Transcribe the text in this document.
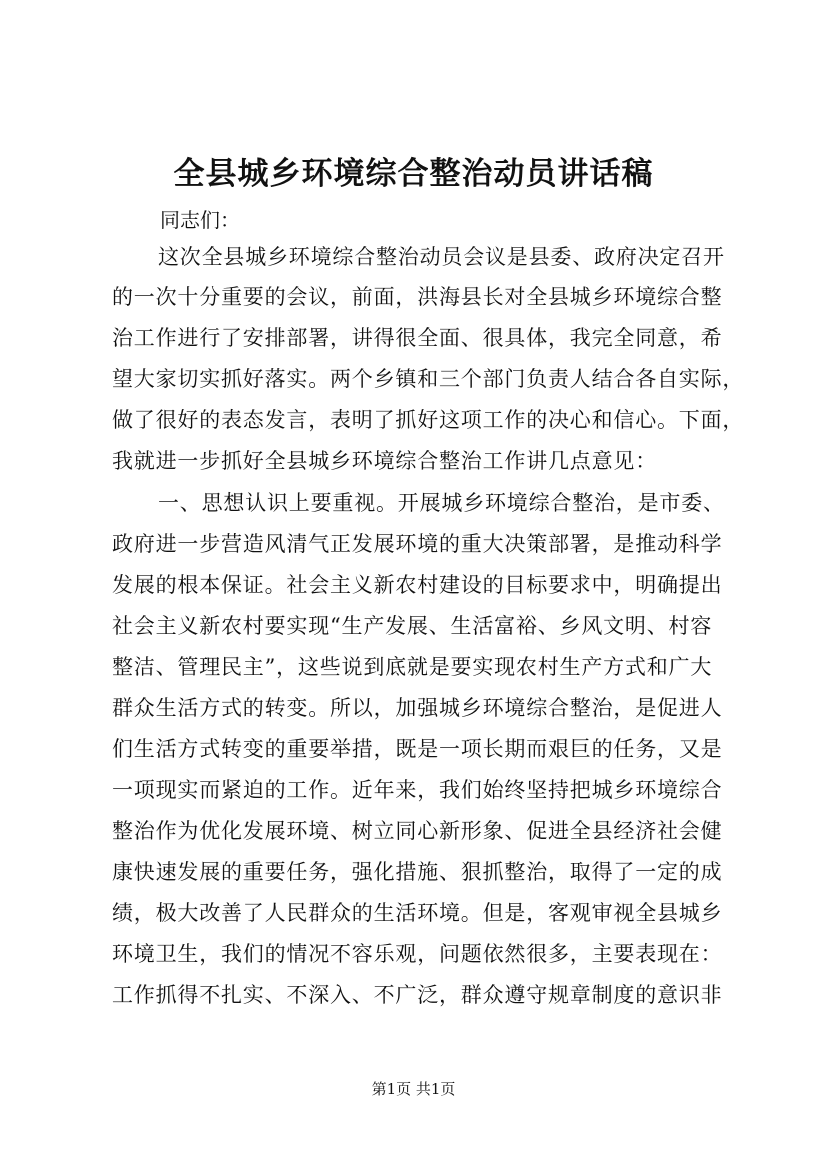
全县城乡环境综合整治动员讲话稿
同志们：
这次全县城乡环境综合整治动员会议是县委、政府决定召开
的一次十分重要的会议，前面，洪海县长对全县城乡环境综合整
治工作进行了安排部署，讲得很全面、很具体，我完全同意，希
望大家切实抓好落实。两个乡镇和三个部门负责人结合各自实际，
做了很好的表态发言，表明了抓好这项工作的决心和信心。下面，
我就进一步抓好全县城乡环境综合整治工作讲几点意见：
一、思想认识上要重视。开展城乡环境综合整治，是市委、
政府进一步营造风清气正发展环境的重大决策部署，是推动科学
发展的根本保证。社会主义新农村建设的目标要求中，明确提出
社会主义新农村要实现“生产发展、生活富裕、乡风文明、村容
整洁、管理民主”，这些说到底就是要实现农村生产方式和广大
群众生活方式的转变。所以，加强城乡环境综合整治，是促进人
们生活方式转变的重要举措，既是一项长期而艰巨的任务，又是
一项现实而紧迫的工作。近年来，我们始终坚持把城乡环境综合
整治作为优化发展环境、树立同心新形象、促进全县经济社会健
康快速发展的重要任务，强化措施、狠抓整治，取得了一定的成
绩，极大改善了人民群众的生活环境。但是，客观审视全县城乡
环境卫生，我们的情况不容乐观，问题依然很多，主要表现在：
工作抓得不扎实、不深入、不广泛，群众遵守规章制度的意识非
第1页 共1页
